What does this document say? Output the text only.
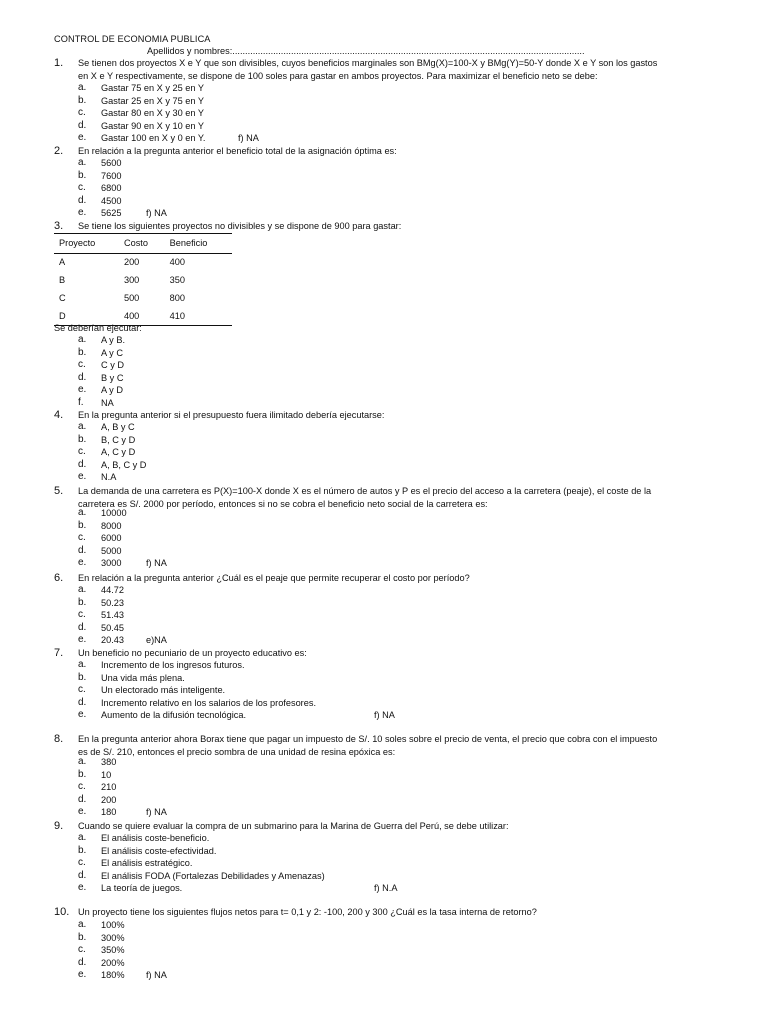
CONTROL DE ECONOMIA PUBLICA
Apellidos y nombres:..........................................................................................................................................
1. Se tienen dos proyectos X e Y que son divisibles, cuyos beneficios marginales son BMg(X)=100-X y BMg(Y)=50-Y donde X e Y son los gastos
en X e Y respectivamente, se dispone de 100 soles para gastar en ambos proyectos. Para maximizar el beneficio neto se debe:
a. Gastar 75 en X y 25 en Y
b. Gastar 25 en X y 75 en Y
c. Gastar 80 en X y 30 en Y
d. Gastar 90 en X y 10 en Y
e. Gastar 100 en X y 0 en Y.	f) NA
2. En relación a la pregunta anterior el beneficio total de la asignación óptima es:
a. 5600
b. 7600
c. 6800
d. 4500
e. 5625	f) NA
3. Se tiene los siguientes proyectos no divisibles y se dispone de 900 para gastar:
Proyecto	Costo	Beneficio
A	200	400
B	300	350
C	500	800
D	400	410
Se deberían ejecutar:
a. A y B.
b. A y C
c. C y D
d. B y C
e. A y D
f. NA
4. En la pregunta anterior si el presupuesto fuera ilimitado debería ejecutarse:
a. A, B y C
b. B, C y D
c. A, C y D
d. A, B, C y D
e. N.A
5. La demanda de una carretera es P(X)=100-X donde X es el número de autos y P es el precio del acceso a la carretera (peaje), el coste de la
carretera es S/. 2000 por período, entonces si no se cobra el beneficio neto social de la carretera es:
a. 10000
b. 8000
c. 6000
d. 5000
e. 3000	f) NA
6. En relación a la pregunta anterior ¿Cuál es el peaje que permite recuperar el costo por período?
a. 44.72
b. 50.23
c. 51.43
d. 50.45
e. 20.43 e)NA
7. Un beneficio no pecuniario de un proyecto educativo es:
a. Incremento de los ingresos futuros.
b. Una vida más plena.
c. Un electorado más inteligente.
d. Incremento relativo en los salarios de los profesores.
e. Aumento de la difusión tecnológica.	f) NA
8. En la pregunta anterior ahora Borax tiene que pagar un impuesto de S/. 10 soles sobre el precio de venta, el precio que cobra con el impuesto
es de S/. 210, entonces el precio sombra de una unidad de resina epóxica es:
a. 380
b. 10
c. 210
d. 200
e. 180	f) NA
9. Cuando se quiere evaluar la compra de un submarino para la Marina de Guerra del Perú, se debe utilizar:
a. El análisis coste-beneficio.
b. El análisis coste-efectividad.
c. El análisis estratégico.
d. El análisis FODA (Fortalezas Debilidades y Amenazas)
e. La teoría de juegos.	f) N.A
10. Un proyecto tiene los siguientes flujos netos para t= 0,1 y 2: -100, 200 y 300 ¿Cuál es la tasa interna de retorno?
a. 100%
b. 300%
c. 350%
d. 200%
e. 180% f) NA
